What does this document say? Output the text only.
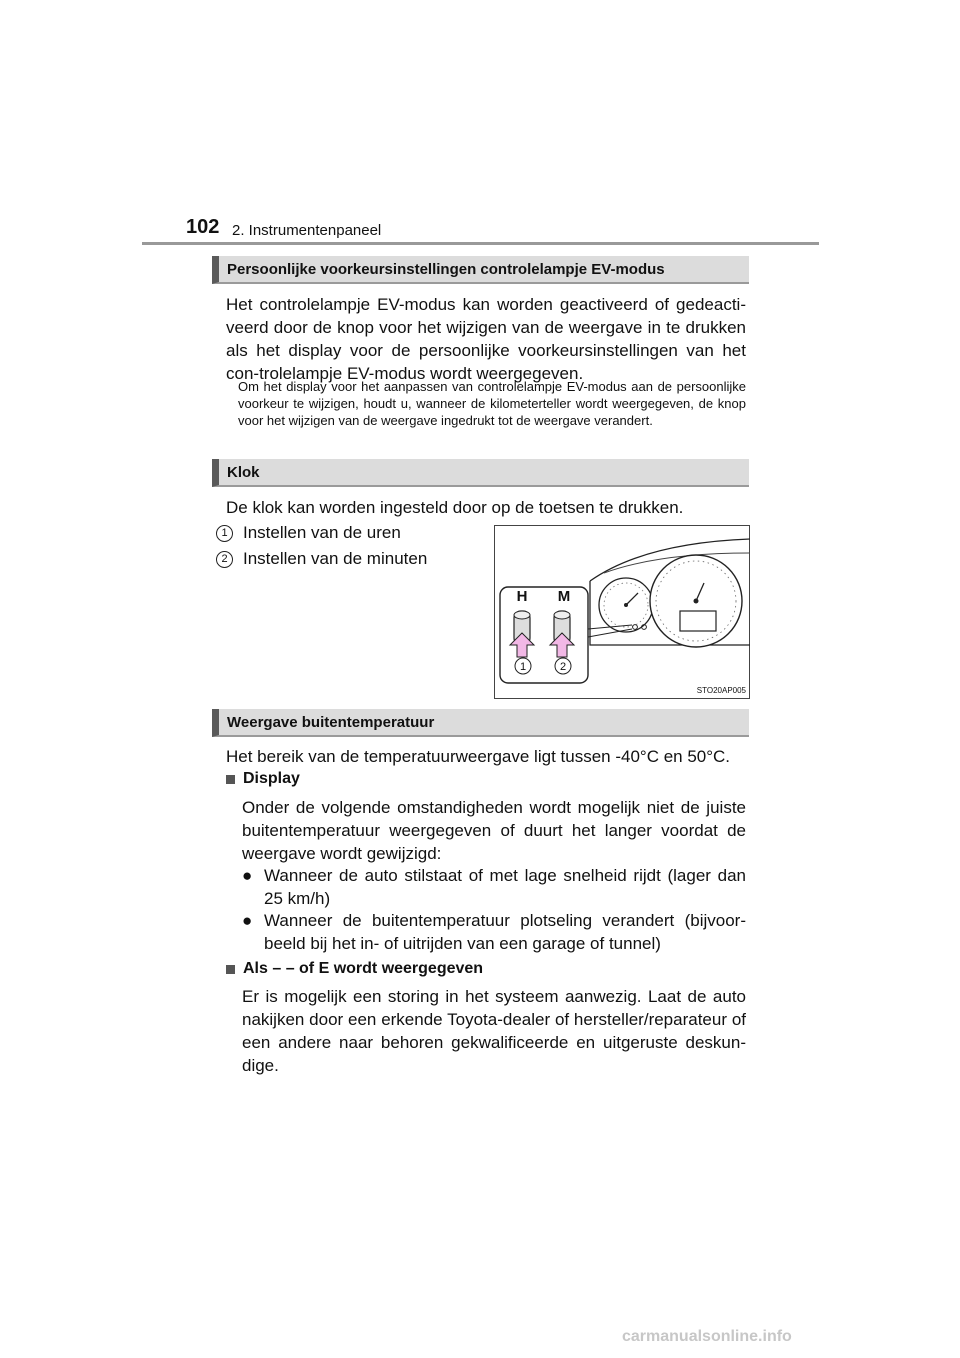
102 2. Instrumentenpaneel
Persoonlijke voorkeursinstellingen controlelampje EV-modus

Het controlelampje EV-modus kan worden geactiveerd of gedeacti-veerd door de knop voor het wijzigen van de weergave in te drukken als het display voor de persoonlijke voorkeursinstellingen van het con-trolelampje EV-modus wordt weergegeven.

Om het display voor het aanpassen van controlelampje EV-modus aan de persoonlijke voorkeur te wijzigen, houdt u, wanneer de kilometerteller wordt weergegeven, de knop voor het wijzigen van de weergave ingedrukt tot de weergave verandert.

Klok

De klok kan worden ingesteld door op de toetsen te drukken.

1 Instellen van de uren
2 Instellen van de minuten
H M
1	2
STO20AP005
Weergave buitentemperatuur

Het bereik van de temperatuurweergave ligt tussen -40°C en 50°C.

Display

Onder de volgende omstandigheden wordt mogelijk niet de juiste buitentemperatuur weergegeven of duurt het langer voordat de weergave wordt gewijzigd:

● Wanneer de auto stilstaat of met lage snelheid rijdt (lager dan 25 km/h)
● Wanneer de buitentemperatuur plotseling verandert (bijvoor-beeld bij het in- of uitrijden van een garage of tunnel)
Als – – of E wordt weergegeven

Er is mogelijk een storing in het systeem aanwezig. Laat de auto nakijken door een erkende Toyota-dealer of hersteller/reparateur of een andere naar behoren gekwalificeerde en uitgeruste deskun-dige.

carmanualsonline.info
